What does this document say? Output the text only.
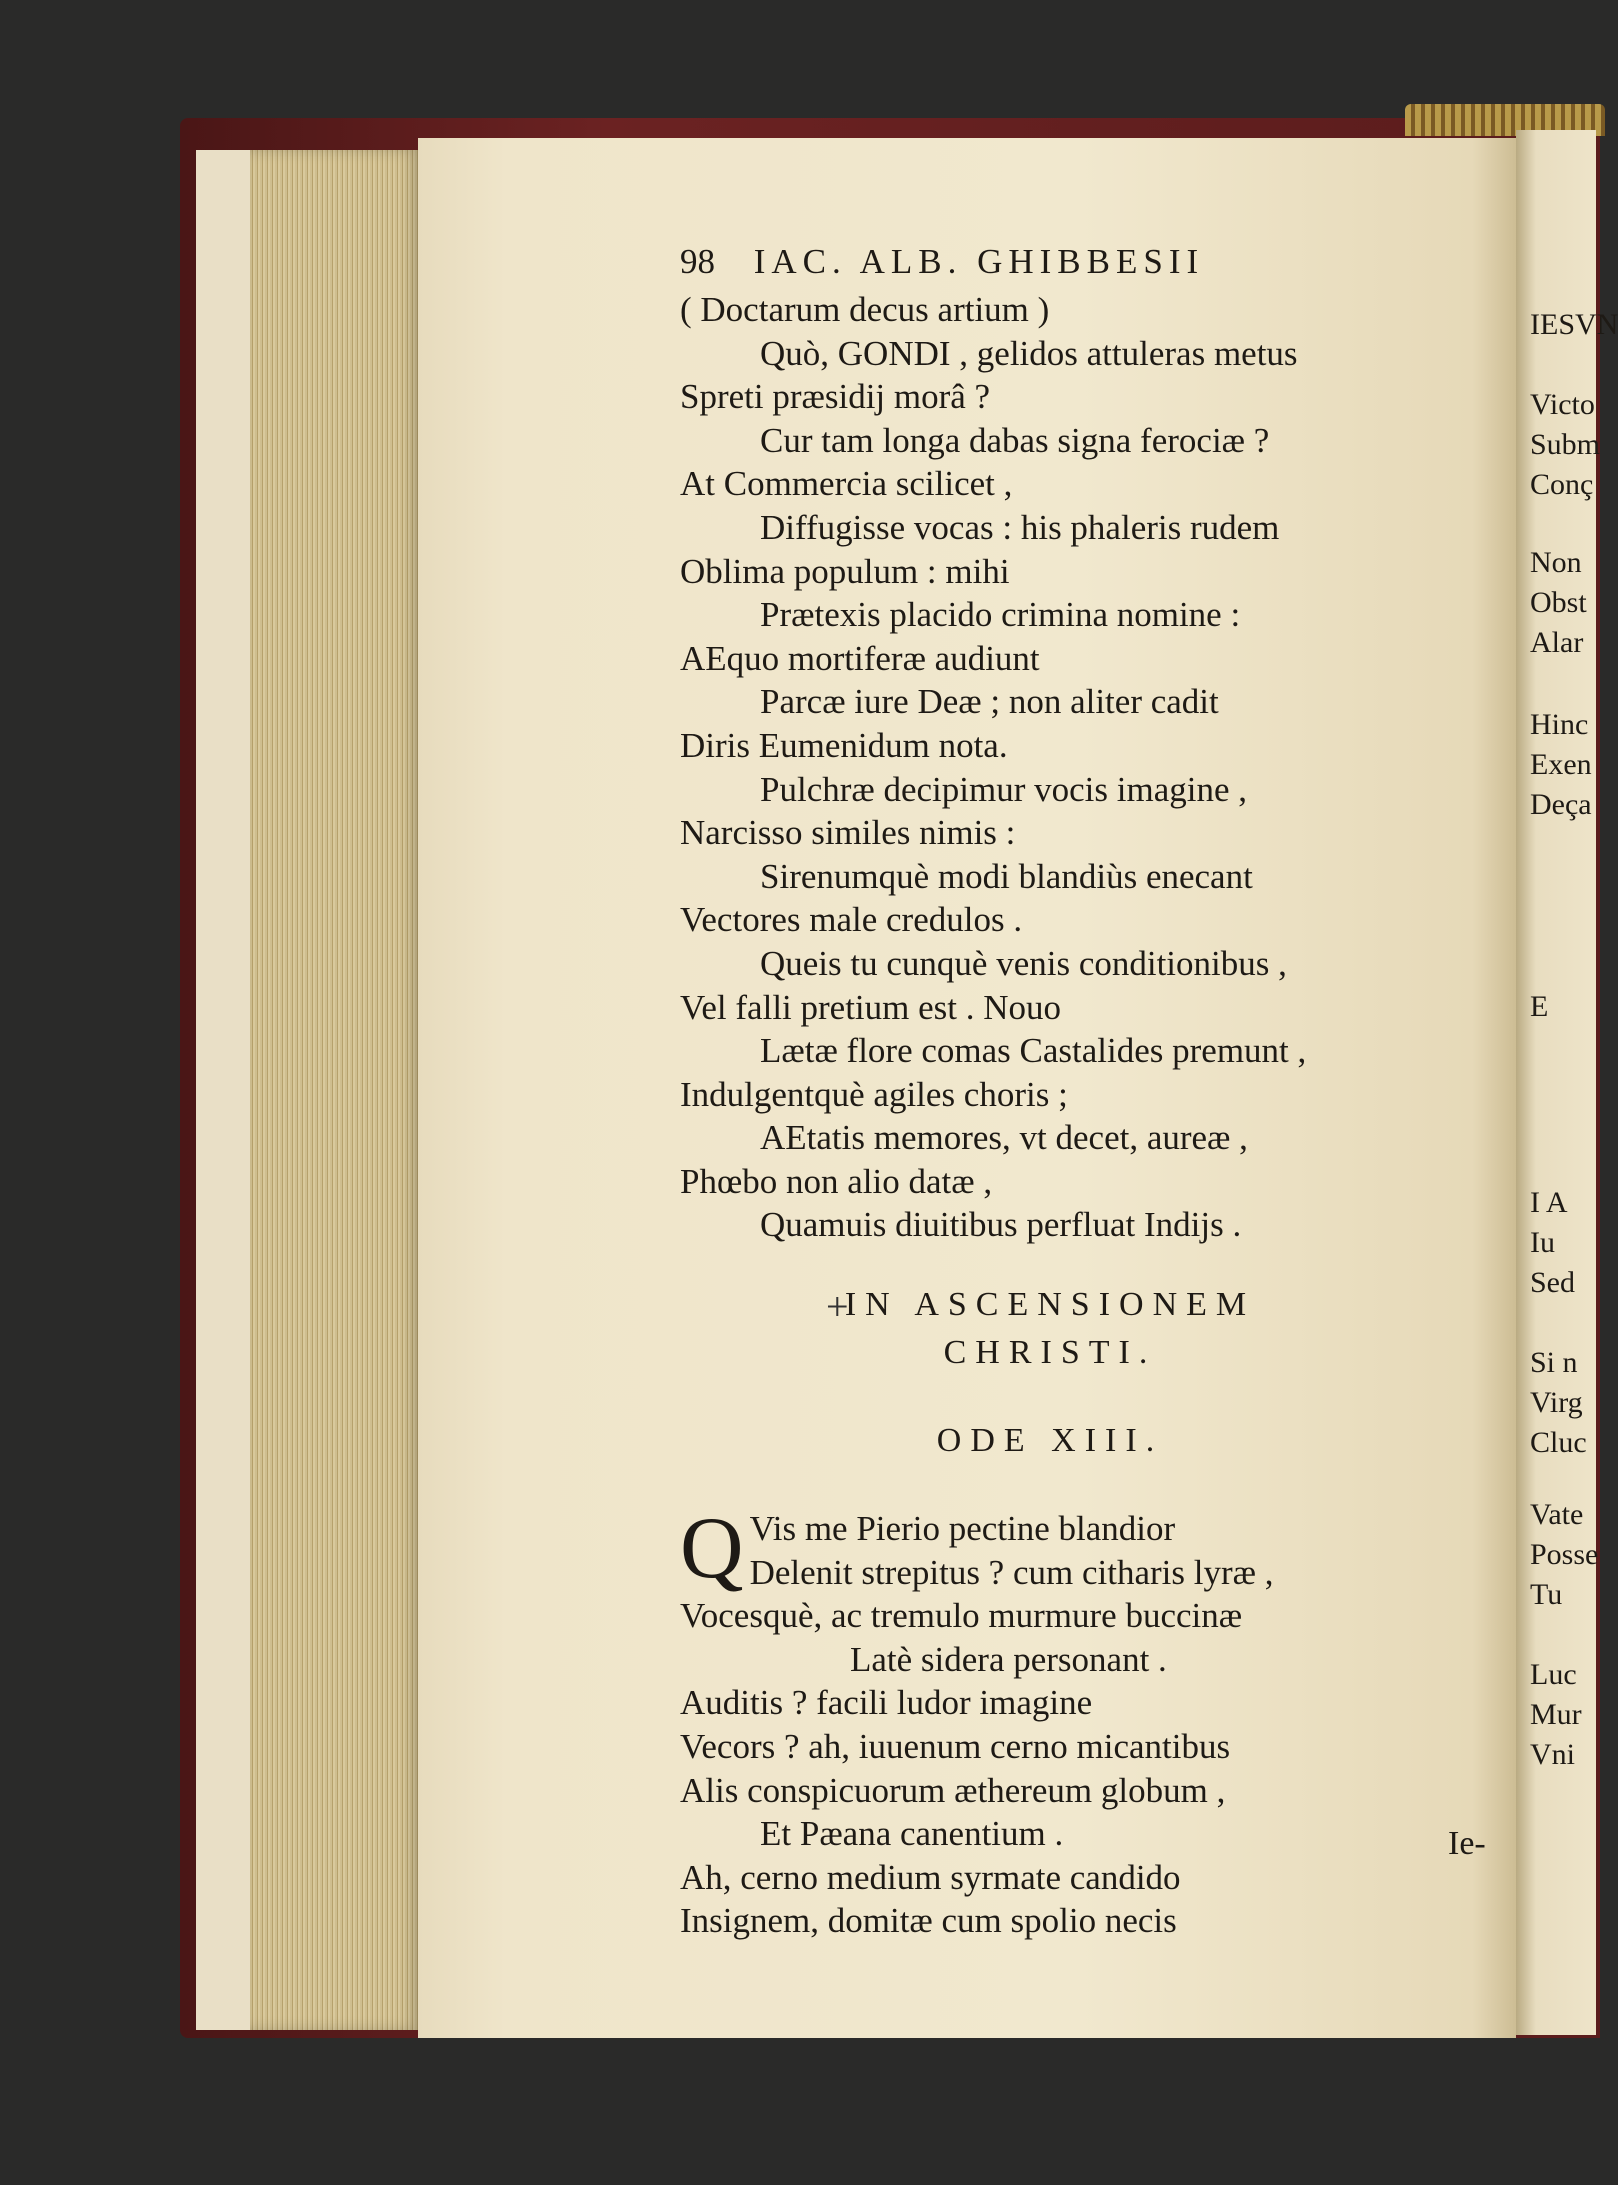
98 IAC. ALB. GHIBBESII
( Doctarum decus artium )
Quò, GONDI , gelidos attuleras metus
Spreti præsidij morâ ?
Cur tam longa dabas signa ferociæ ?
At Commercia scilicet ,
Diffugisse vocas : his phaleris rudem
Oblima populum : mihi
Prætexis placido crimina nomine :
AEquo mortiferæ audiunt
Parcæ iure Deæ ; non aliter cadit
Diris Eumenidum nota.
Pulchræ decipimur vocis imagine ,
Narcisso similes nimis :
Sirenumquè modi blandiùs enecant
Vectores male credulos .
Queis tu cunquè venis conditionibus ,
Vel falli pretium est . Nouo
Lætæ flore comas Castalides premunt ,
Indulgentquè agiles choris ;
AEtatis memores, vt decet, aureæ ,
Phœbo non alio datæ ,
Quamuis diuitibus perfluat Indijs .
IN ASCENSIONEM
CHRISTI.
ODE XIII.
Q Vis me Pierio pectine blandior
Delenit strepitus ? cum citharis lyræ ,
Vocesquè, ac tremulo murmure buccinæ
Latè sidera personant .
Auditis ? facili ludor imagine
Vecors ? ah, iuuenum cerno micantibus
Alis conspicuorum æthereum globum ,
Et Pæana canentium .
Ah, cerno medium syrmate candido
Insignem, domitæ cum spolio necis
+
Ie-
IESVN
Victo
Subm
Conç
Non
Obst
Alar
Hinc
Exen
Deça
E
I A
Iu
Sed
Si n
Virg
Cluc
Vate
Posse
Tu
Luc
Mur
Vni
